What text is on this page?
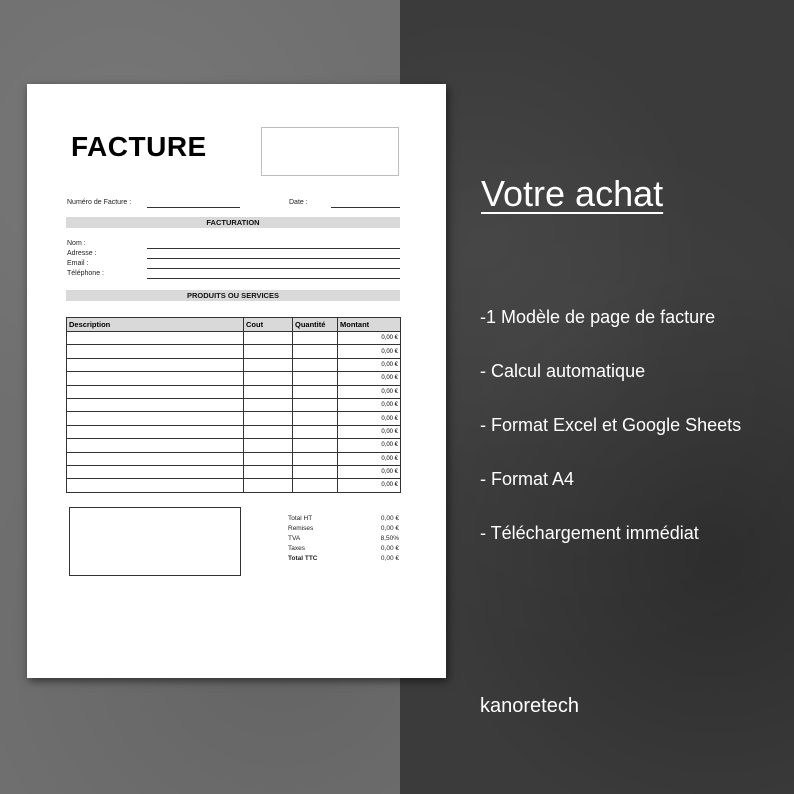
FACTURE
Numéro de Facture :	Date :
FACTURATION
Nom :
Adresse :
Email :
Téléphone :
PRODUITS OU SERVICES
Description	Cout	Quantité	Montant
			0,00 €
			0,00 €
			0,00 €
			0,00 €
			0,00 €
			0,00 €
			0,00 €
			0,00 €
			0,00 €
			0,00 €
			0,00 €
			0,00 €
Total HT	0,00 €
Remises	0,00 €
TVA	8,50%
Taxes	0,00 €
Total TTC	0,00 €
Votre achat
-1 Modèle de page de facture
- Calcul automatique
- Format Excel et Google Sheets
- Format A4
- Téléchargement immédiat
kanoretech
